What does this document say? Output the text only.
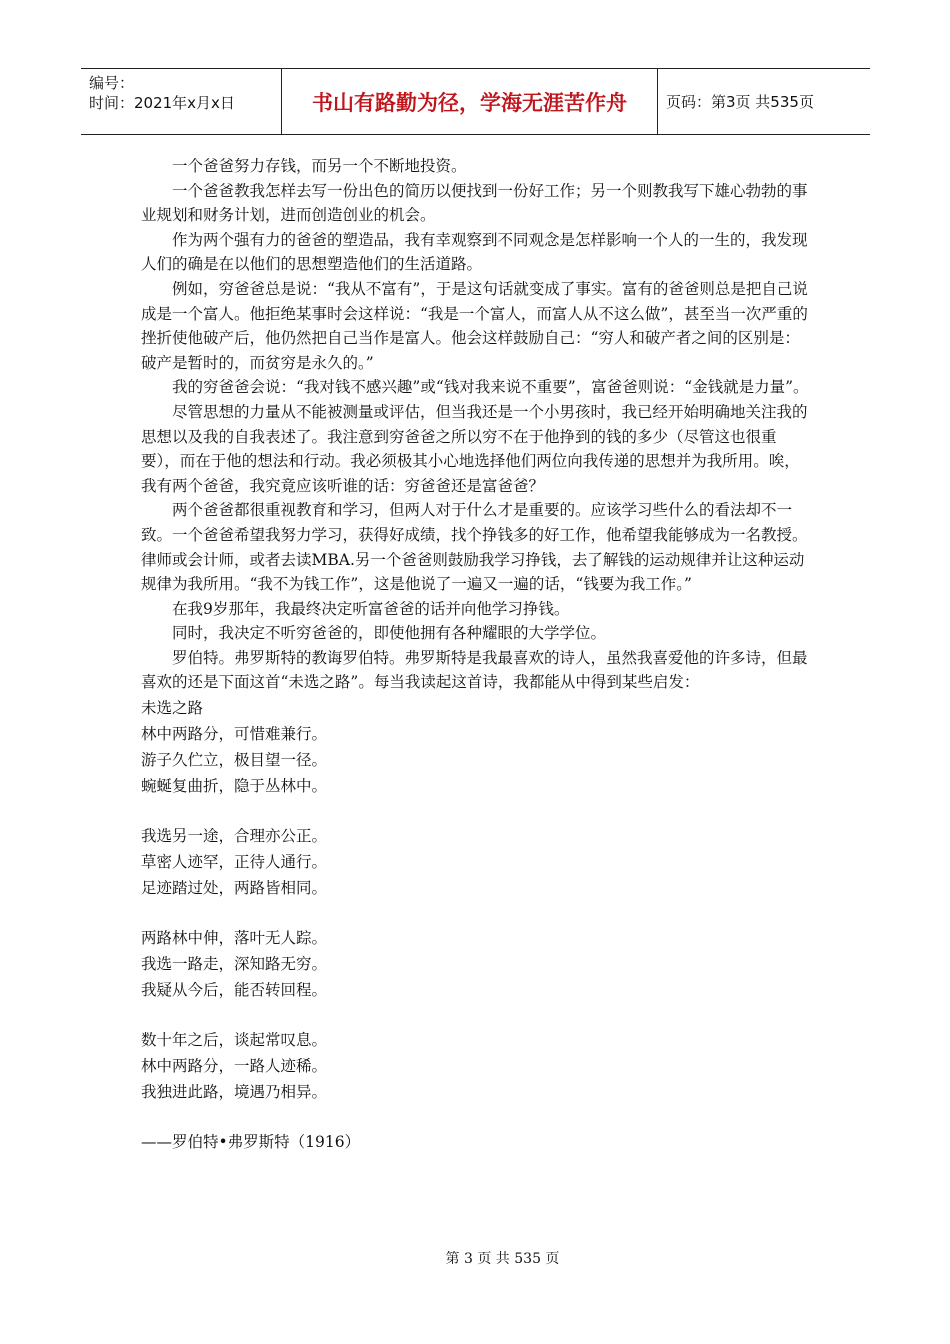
编号：
时间：2021年x月x日	书山有路勤为径，学海无涯苦作舟	页码：第3页 共535页

一个爸爸努力存钱，而另一个不断地投资。

一个爸爸教我怎样去写一份出色的简历以便找到一份好工作；另一个则教我写下雄心勃勃的事业规划和财务计划，进而创造创业的机会。

作为两个强有力的爸爸的塑造品，我有幸观察到不同观念是怎样影响一个人的一生的，我发现人们的确是在以他们的思想塑造他们的生活道路。

例如，穷爸爸总是说：“我从不富有”，于是这句话就变成了事实。富有的爸爸则总是把自己说成是一个富人。他拒绝某事时会这样说：“我是一个富人，而富人从不这么做”，甚至当一次严重的挫折使他破产后，他仍然把自己当作是富人。他会这样鼓励自己：“穷人和破产者之间的区别是：破产是暂时的，而贫穷是永久的。”

我的穷爸爸会说：“我对钱不感兴趣”或“钱对我来说不重要”，富爸爸则说：“金钱就是力量”。

尽管思想的力量从不能被测量或评估，但当我还是一个小男孩时，我已经开始明确地关注我的思想以及我的自我表述了。我注意到穷爸爸之所以穷不在于他挣到的钱的多少（尽管这也很重要），而在于他的想法和行动。我必须极其小心地选择他们两位向我传递的思想并为我所用。唉，我有两个爸爸，我究竟应该听谁的话：穷爸爸还是富爸爸？

两个爸爸都很重视教育和学习，但两人对于什么才是重要的。应该学习些什么的看法却不一致。一个爸爸希望我努力学习，获得好成绩，找个挣钱多的好工作，他希望我能够成为一名教授。律师或会计师，或者去读MBA.另一个爸爸则鼓励我学习挣钱，去了解钱的运动规律并让这种运动规律为我所用。“我不为钱工作”，这是他说了一遍又一遍的话，“钱要为我工作。”

在我9岁那年，我最终决定听富爸爸的话并向他学习挣钱。

同时，我决定不听穷爸爸的，即使他拥有各种耀眼的大学学位。

罗伯特。弗罗斯特的教诲罗伯特。弗罗斯特是我最喜欢的诗人，虽然我喜爱他的许多诗，但最喜欢的还是下面这首“未选之路”。每当我读起这首诗，我都能从中得到某些启发：

未选之路
林中两路分，可惜难兼行。
游子久伫立，极目望一径。
蜿蜒复曲折，隐于丛林中。
我选另一途，合理亦公正。
草密人迹罕，正待人通行。
足迹踏过处，两路皆相同。
两路林中伸，落叶无人踪。
我选一路走，深知路无穷。
我疑从今后，能否转回程。
数十年之后，谈起常叹息。
林中两路分，一路人迹稀。
我独进此路，境遇乃相异。
——罗伯特•弗罗斯特（1916）
第 3 页 共 535 页
